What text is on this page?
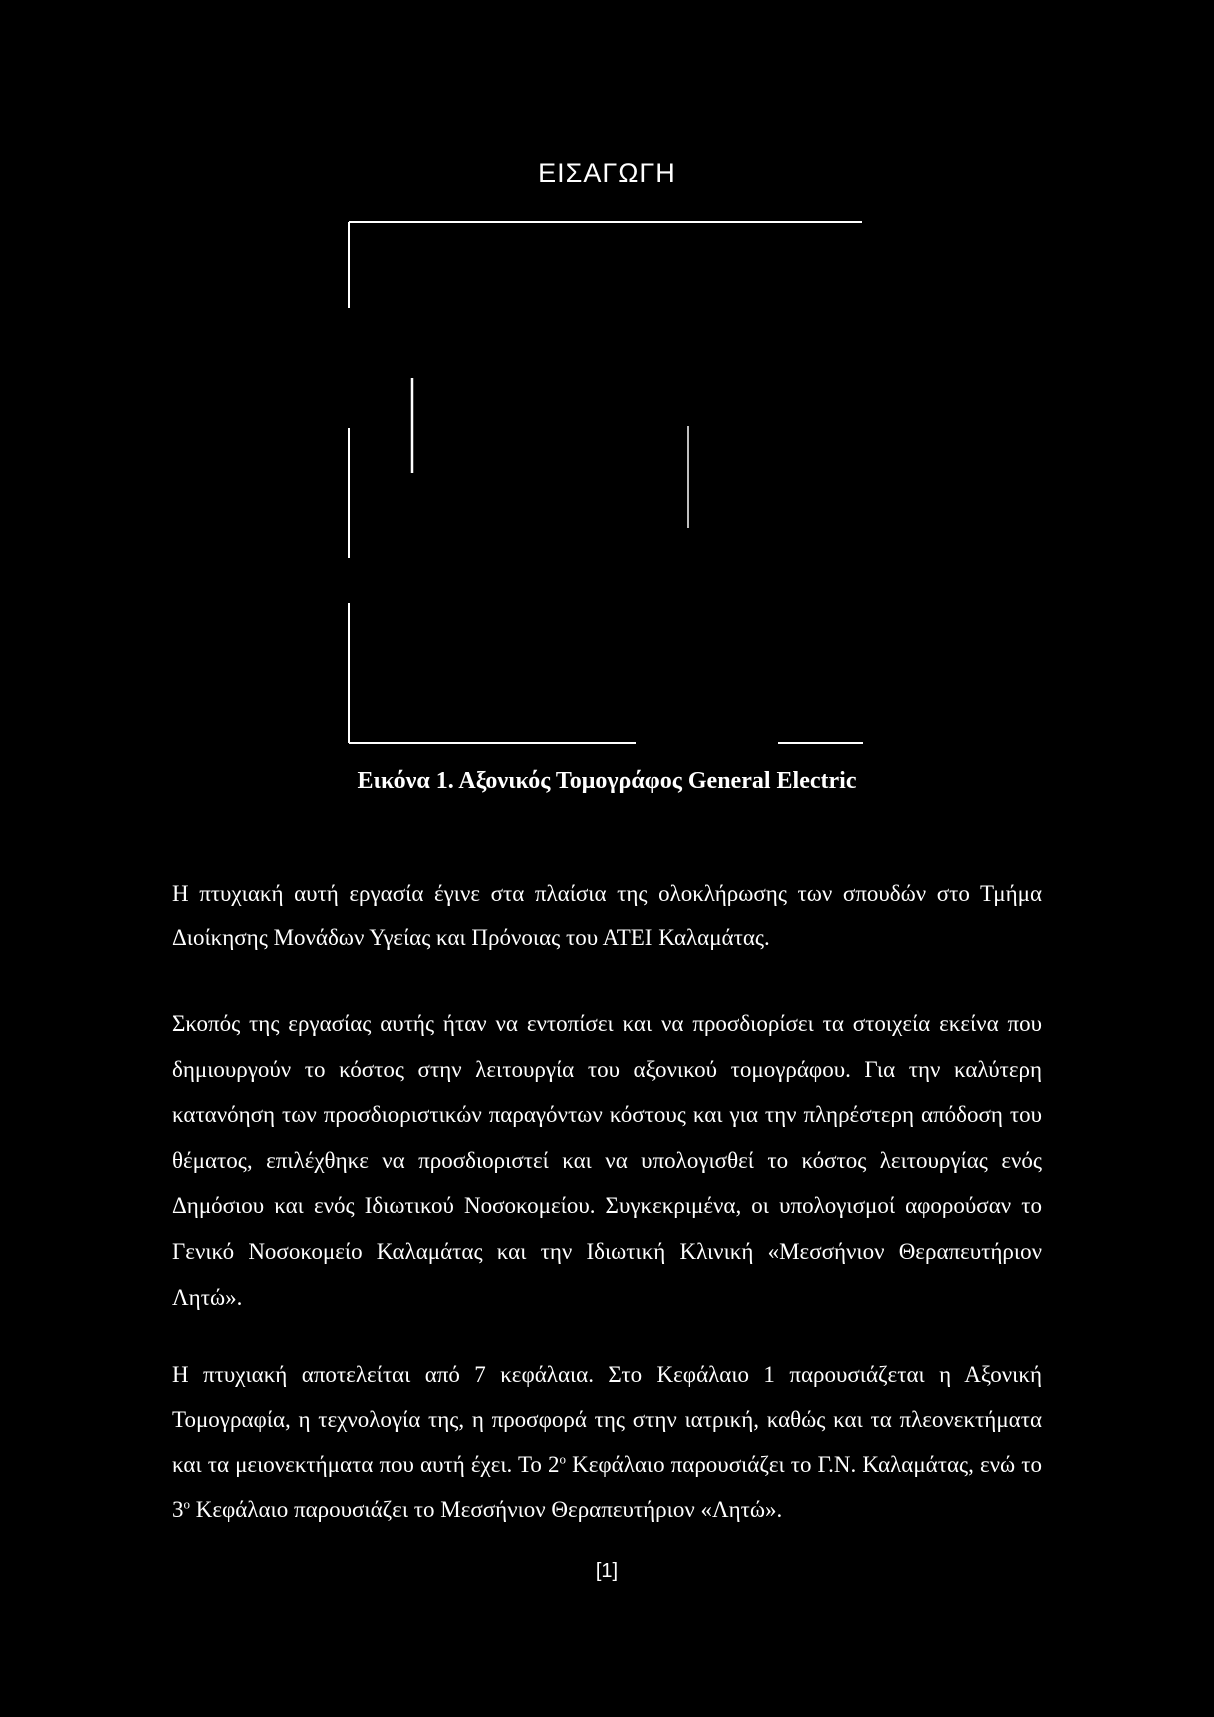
ΕΙΣΑΓΩΓΗ
Εικόνα 1. Αξονικός Τομογράφος General Electric

Η πτυχιακή αυτή εργασία έγινε στα πλαίσια της ολοκλήρωσης των σπουδών στο Τμήμα Διοίκησης Μονάδων Υγείας και Πρόνοιας του ΑΤΕΙ Καλαμάτας.

Σκοπός της εργασίας αυτής ήταν να εντοπίσει και να προσδιορίσει τα στοιχεία εκείνα που δημιουργούν το κόστος στην λειτουργία του αξονικού τομογράφου. Για την καλύτερη κατανόηση των προσδιοριστικών παραγόντων κόστους και για την πληρέστερη απόδοση του θέματος, επιλέχθηκε να προσδιοριστεί και να υπολογισθεί το κόστος λειτουργίας ενός Δημόσιου και ενός Ιδιωτικού Νοσοκομείου. Συγκεκριμένα, οι υπολογισμοί αφορούσαν το Γενικό Νοσοκομείο Καλαμάτας και την Ιδιωτική Κλινική «Μεσσήνιον Θεραπευτήριον Λητώ».

Η πτυχιακή αποτελείται από 7 κεφάλαια. Στο Κεφάλαιο 1 παρουσιάζεται η Αξονική Τομογραφία, η τεχνολογία της, η προσφορά της στην ιατρική, καθώς και τα πλεονεκτήματα και τα μειονεκτήματα που αυτή έχει. Το $2^o$ Κεφάλαιο παρουσιάζει το Γ.Ν. Καλαμάτας, ενώ το $3^o$ Κεφάλαιο παρουσιάζει το Μεσσήνιον Θεραπευτήριον «Λητώ».

[1]
